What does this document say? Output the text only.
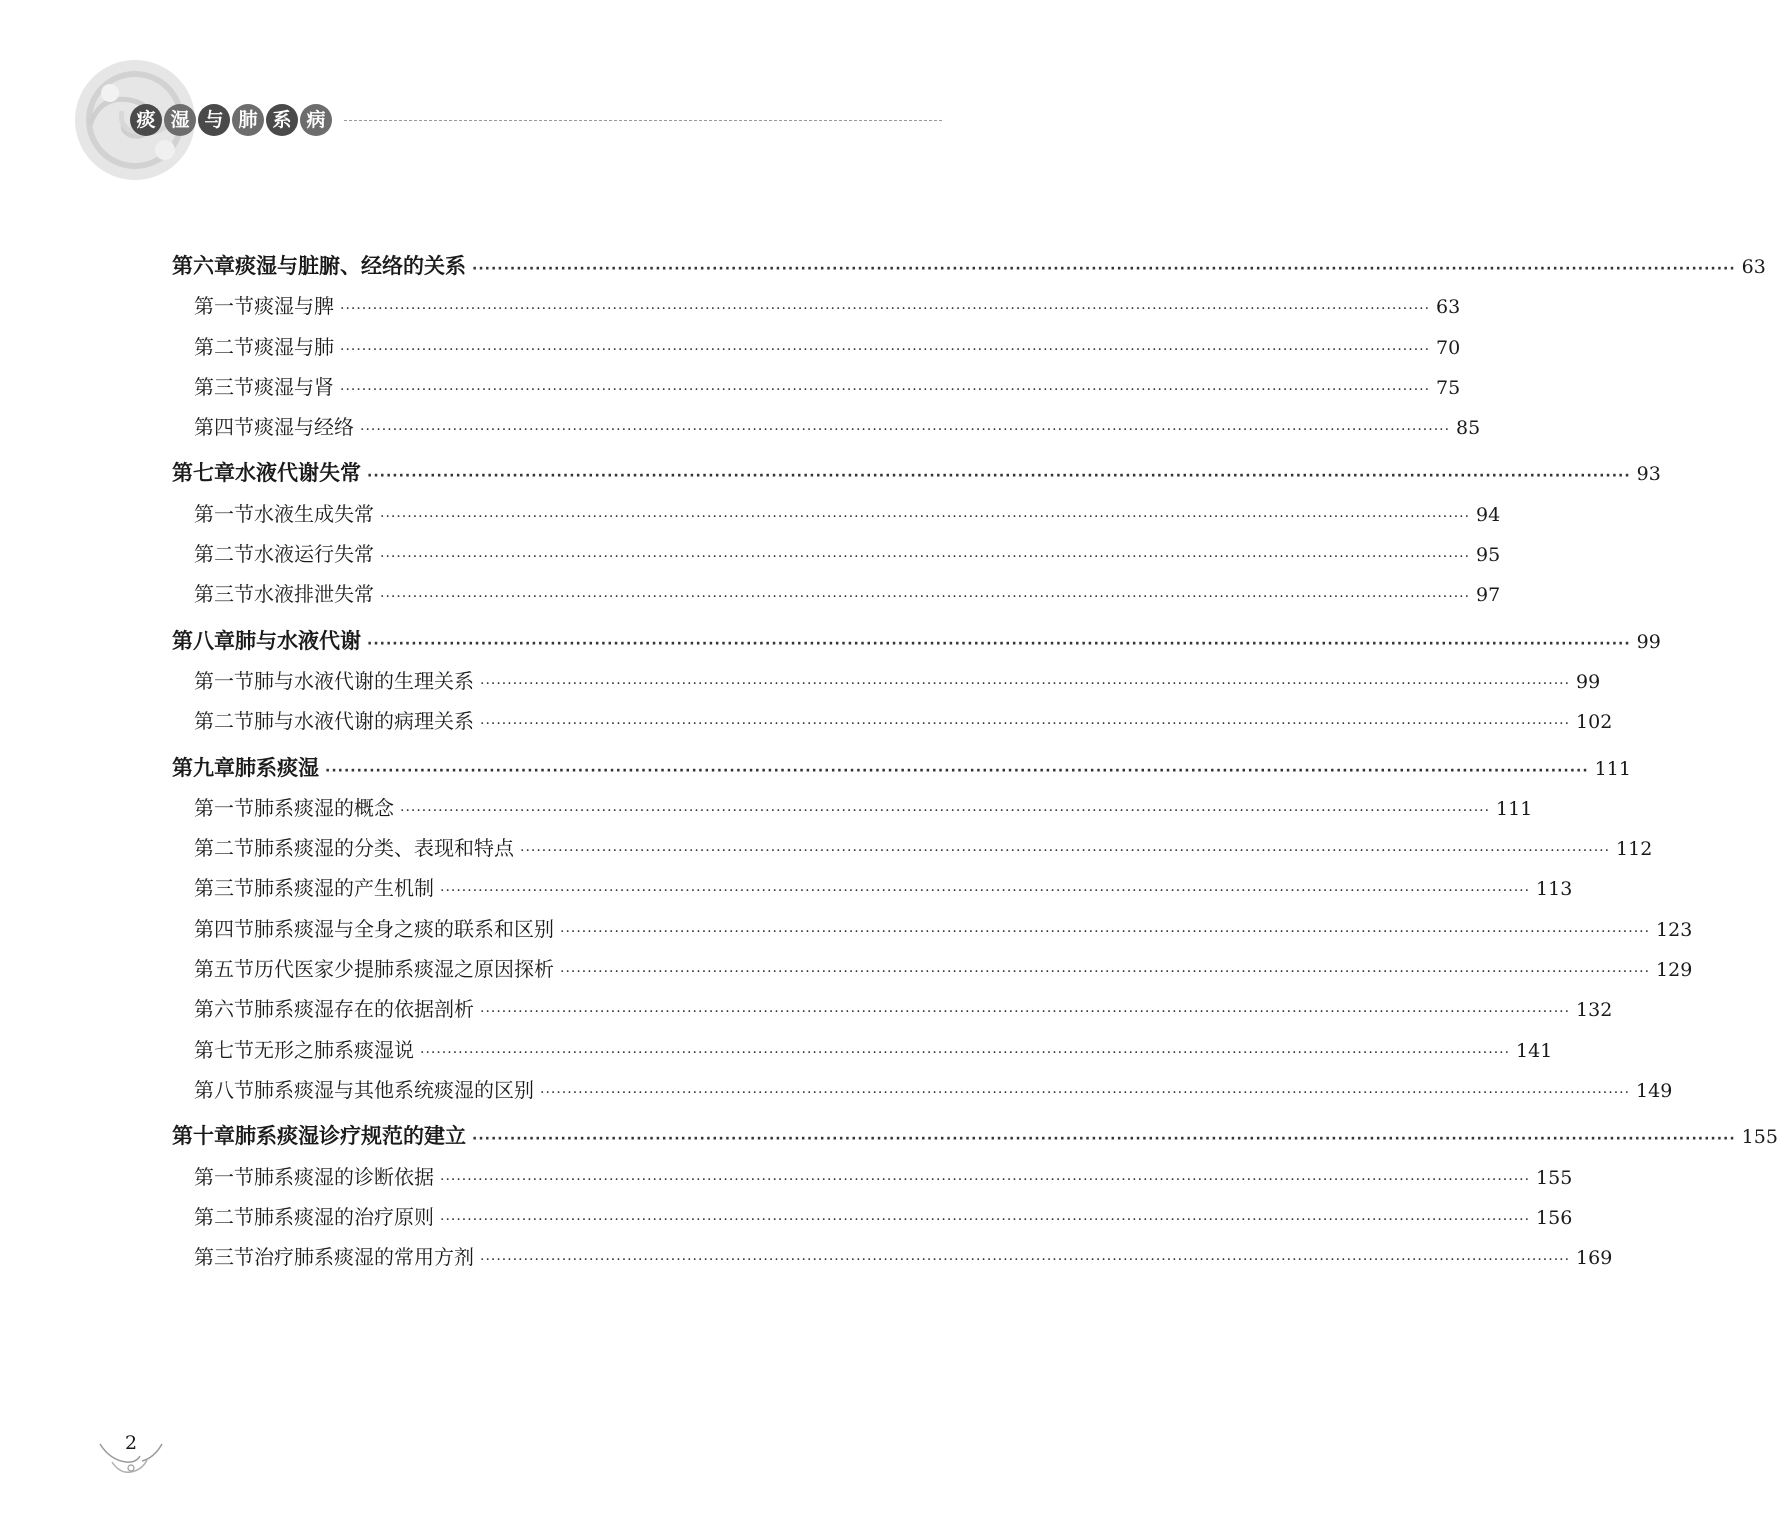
痰 湿 与 肺 系 病
第六章 痰湿与脏腑、经络的关系 ········································································································································································································ 63
第一节 痰湿与脾 ········································································································································································································ 63
第二节 痰湿与肺 ········································································································································································································ 70
第三节 痰湿与肾 ········································································································································································································ 75
第四节 痰湿与经络 ········································································································································································································ 85
第七章 水液代谢失常 ········································································································································································································ 93
第一节 水液生成失常 ········································································································································································································ 94
第二节 水液运行失常 ········································································································································································································ 95
第三节 水液排泄失常 ········································································································································································································ 97
第八章 肺与水液代谢 ········································································································································································································ 99
第一节 肺与水液代谢的生理关系 ········································································································································································································ 99
第二节 肺与水液代谢的病理关系 ········································································································································································································ 102
第九章 肺系痰湿 ········································································································································································································ 111
第一节 肺系痰湿的概念 ········································································································································································································ 111
第二节 肺系痰湿的分类、表现和特点 ········································································································································································································ 112
第三节 肺系痰湿的产生机制 ········································································································································································································ 113
第四节 肺系痰湿与全身之痰的联系和区别 ········································································································································································································ 123
第五节 历代医家少提肺系痰湿之原因探析 ········································································································································································································ 129
第六节 肺系痰湿存在的依据剖析 ········································································································································································································ 132
第七节 无形之肺系痰湿说 ········································································································································································································ 141
第八节 肺系痰湿与其他系统痰湿的区别 ········································································································································································································ 149
第十章 肺系痰湿诊疗规范的建立 ········································································································································································································ 155
第一节 肺系痰湿的诊断依据 ········································································································································································································ 155
第二节 肺系痰湿的治疗原则 ········································································································································································································ 156
第三节 治疗肺系痰湿的常用方剂 ········································································································································································································ 169
2
